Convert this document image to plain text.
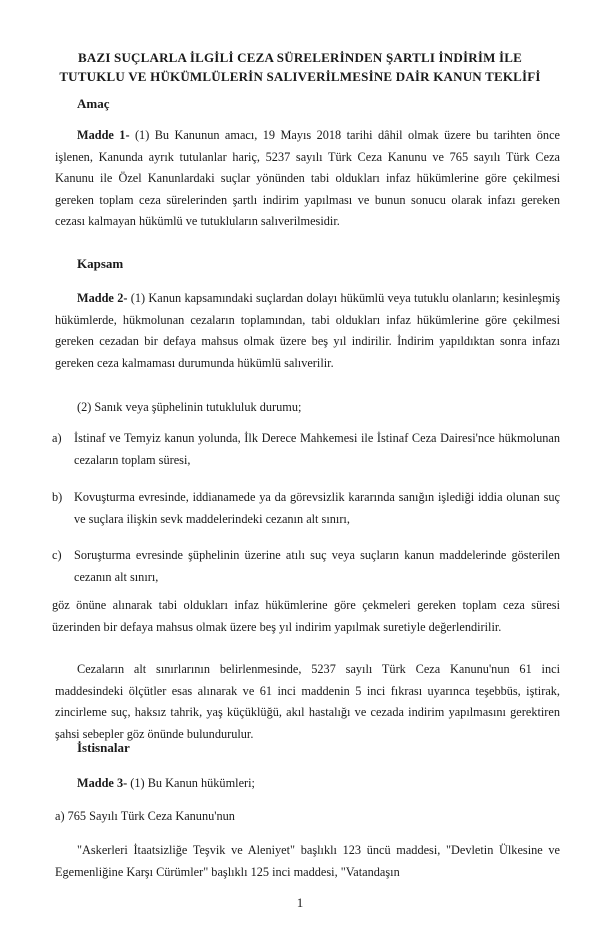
BAZI SUÇLARLA İLGİLİ CEZA SÜRELERİNDEN ŞARTLI İNDİRİM İLE
TUTUKLU VE HÜKÜMLÜLERİN SALIVERİLMESİNE DAİR KANUN TEKLİFİ
Amaç

Madde 1- (1) Bu Kanunun amacı, 19 Mayıs 2018 tarihi dâhil olmak üzere bu tarihten önce işlenen, Kanunda ayrık tutulanlar hariç, 5237 sayılı Türk Ceza Kanunu ve 765 sayılı Türk Ceza Kanunu ile Özel Kanunlardaki suçlar yönünden tabi oldukları infaz hükümlerine göre çekilmesi gereken toplam ceza sürelerinden şartlı indirim yapılması ve bunun sonucu olarak infazı gereken cezası kalmayan hükümlü ve tutukluların salıverilmesidir.

Kapsam

Madde 2- (1) Kanun kapsamındaki suçlardan dolayı hükümlü veya tutuklu olanların; kesinleşmiş hükümlerde, hükmolunan cezaların toplamından, tabi oldukları infaz hükümlerine göre çekilmesi gereken cezadan bir defaya mahsus olmak üzere beş yıl indirilir. İndirim yapıldıktan sonra infazı gereken ceza kalmaması durumunda hükümlü salıverilir.

(2) Sanık veya şüphelinin tutukluluk durumu;

a) İstinaf ve Temyiz kanun yolunda, İlk Derece Mahkemesi ile İstinaf Ceza Dairesi'nce hükmolunan cezaların toplam süresi,
b) Kovuşturma evresinde, iddianamede ya da görevsizlik kararında sanığın işlediği iddia olunan suç ve suçlara ilişkin sevk maddelerindeki cezanın alt sınırı,
c) Soruşturma evresinde şüphelinin üzerine atılı suç veya suçların kanun maddelerinde gösterilen cezanın alt sınırı,

göz önüne alınarak tabi oldukları infaz hükümlerine göre çekmeleri gereken toplam ceza süresi üzerinden bir defaya mahsus olmak üzere beş yıl indirim yapılmak suretiyle değerlendirilir.

Cezaların alt sınırlarının belirlenmesinde, 5237 sayılı Türk Ceza Kanunu'nun 61 inci maddesindeki ölçütler esas alınarak ve 61 inci maddenin 5 inci fıkrası uyarınca teşebbüs, iştirak, zincirleme suç, haksız tahrik, yaş küçüklüğü, akıl hastalığı ve cezada indirim yapılmasını gerektiren şahsi sebepler göz önünde bulundurulur.

İstisnalar

Madde 3- (1) Bu Kanun hükümleri;

a) 765 Sayılı Türk Ceza Kanunu'nun

"Askerleri İtaatsizliğe Teşvik ve Aleniyet" başlıklı 123 üncü maddesi, "Devletin Ülkesine ve Egemenliğine Karşı Cürümler" başlıklı 125 inci maddesi, "Vatandaşın

1
